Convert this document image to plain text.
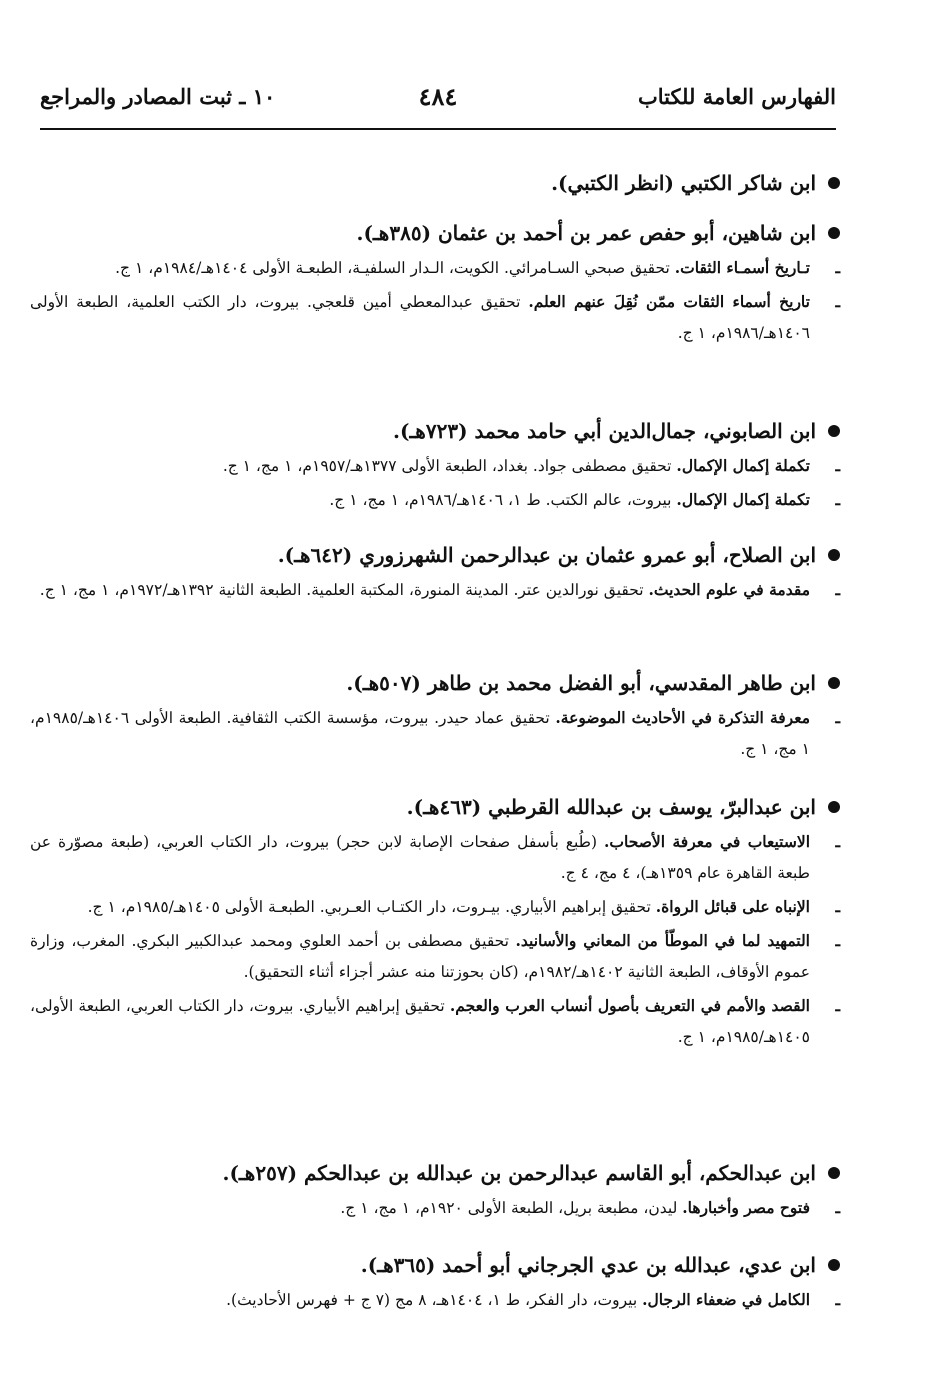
الفهارس العامة للكتاب
٤٨٤
١٠ ـ ثبت المصادر والمراجع
ابن شاكر الكتبي (انظر الكتبي).
ابن شاهين، أبو حفص عمر بن أحمد بن عثمان (٣٨٥هـ).
ـ
تـاريخ أسمـاء الثقات. تحقيق صبحي السـامرائي. الكويت، الـدار السلفيـة، الطبعـة الأولى ١٤٠٤هـ/١٩٨٤م، ١ ج.
ـ
تاريخ أسماء الثقات ممّن نُقِلَ عنهم العلم. تحقيق عبدالمعطي أمين قلعجي. بيروت، دار الكتب العلمية، الطبعة الأولى ١٤٠٦هـ/١٩٨٦م، ١ ج.
ابن الصابوني، جمال‌الدين أبي حامد محمد (٧٢٣هـ).
ـ
تكملة إكمال الإكمال. تحقيق مصطفى جواد. بغداد، الطبعة الأولى ١٣٧٧هـ/١٩٥٧م، ١ مج، ١ ج.
ـ
تكملة إكمال الإكمال. بيروت، عالم الكتب. ط ١، ١٤٠٦هـ/١٩٨٦م، ١ مج، ١ ج.
ابن الصلاح، أبو عمرو عثمان بن عبدالرحمن الشهرزوري (٦٤٢هـ).
ـ
مقدمة في علوم الحديث. تحقيق نورالدين عتر. المدينة المنورة، المكتبة العلمية. الطبعة الثانية ١٣٩٢هـ/١٩٧٢م، ١ مج، ١ ج.
ابن طاهر المقدسي، أبو الفضل محمد بن طاهر (٥٠٧هـ).
ـ
معرفة التذكرة في الأحاديث الموضوعة. تحقيق عماد حيدر. بيروت، مؤسسة الكتب الثقافية. الطبعة الأولى ١٤٠٦هـ/١٩٨٥م، ١ مج، ١ ج.
ابن عبدالبرّ، يوسف بن عبدالله القرطبي (٤٦٣هـ).
ـ
الاستيعاب في معرفة الأصحاب. (طُبع بأسفل صفحات الإصابة لابن حجر) بيروت، دار الكتاب العربي، (طبعة مصوّرة عن طبعة القاهرة عام ١٣٥٩هـ)، ٤ مج، ٤ ج.
ـ
الإنباه على قبائل الرواة. تحقيق إبراهيم الأبياري. بيـروت، دار الكتـاب العـربي. الطبعـة الأولى ١٤٠٥هـ/١٩٨٥م، ١ ج.
ـ
التمهيد لما في الموطّأ من المعاني والأسانيد. تحقيق مصطفى بن أحمد العلوي ومحمد عبدالكبير البكري. المغرب، وزارة عموم الأوقاف، الطبعة الثانية ١٤٠٢هـ/١٩٨٢م، (كان بحوزتنا منه عشر أجزاء أثناء التحقيق).
ـ
القصد والأمم في التعريف بأصول أنساب العرب والعجم. تحقيق إبراهيم الأبياري. بيروت، دار الكتاب العربي، الطبعة الأولى، ١٤٠٥هـ/١٩٨٥م، ١ ج.
ابن عبدالحكم، أبو القاسم عبدالرحمن بن عبدالله بن عبدالحكم (٢٥٧هـ).
ـ
فتوح مصر وأخبارها. ليدن، مطبعة بريل، الطبعة الأولى ١٩٢٠م، ١ مج، ١ ج.
ابن عدي، عبدالله بن عدي الجرجاني أبو أحمد (٣٦٥هـ).
ـ
الكامل في ضعفاء الرجال. بيروت، دار الفكر، ط ١، ١٤٠٤هـ، ٨ مج (٧ ج + فهرس الأحاديث).
